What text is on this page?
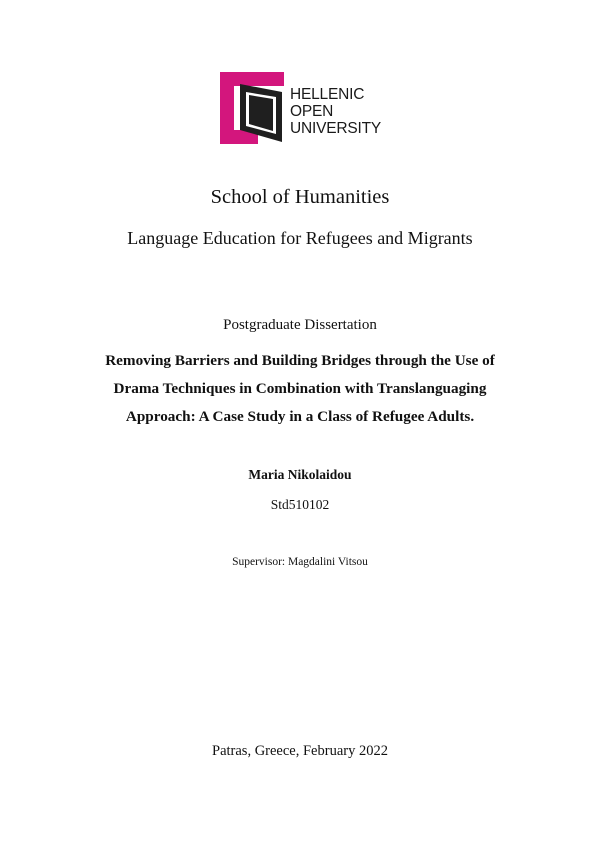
HELLENIC
OPEN
UNIVERSITY
School of Humanities
Language Education for Refugees and Migrants
Postgraduate Dissertation
Removing Barriers and Building Bridges through the Use of
Drama Techniques in Combination with Translanguaging
Approach: A Case Study in a Class of Refugee Adults.
Maria Nikolaidou
Std510102
Supervisor: Magdalini Vitsou
Patras, Greece, February 2022
